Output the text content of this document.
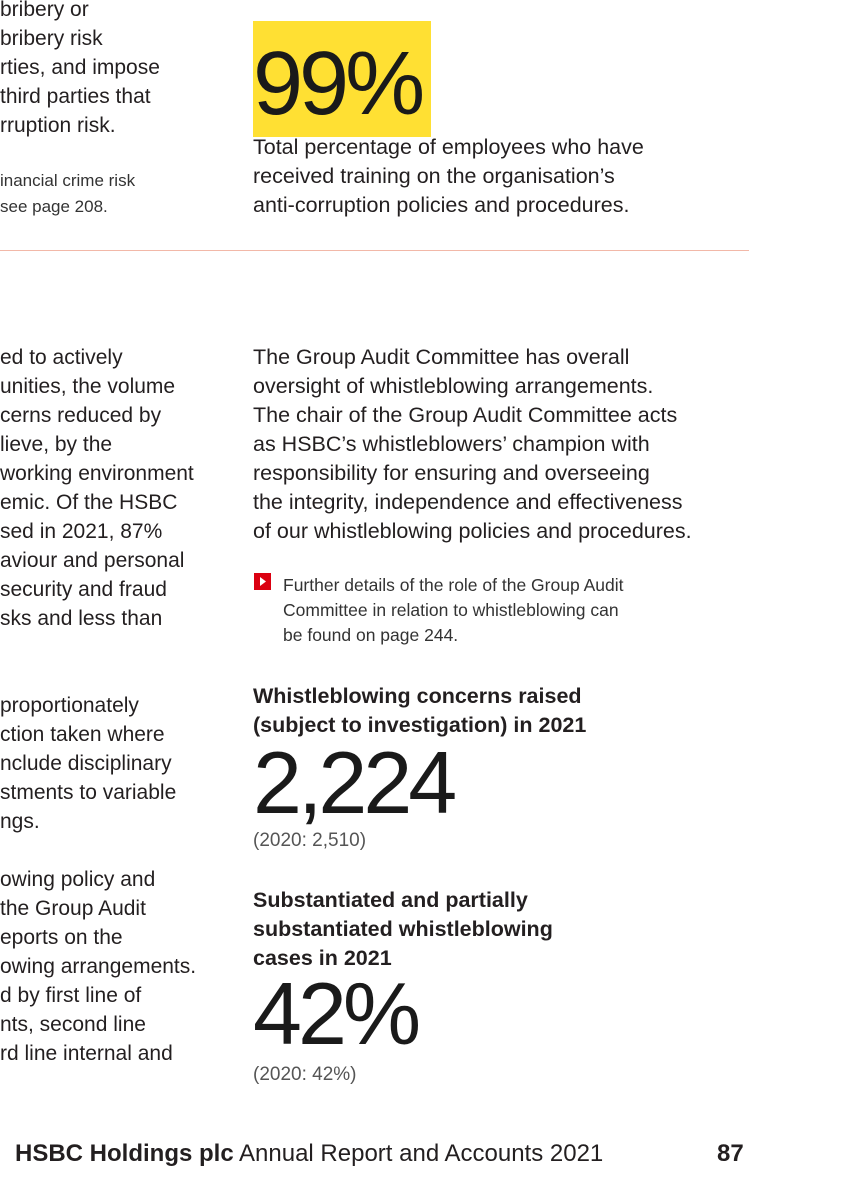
bribery or
bribery risk
rties, and impose
third parties that
rruption risk.
inancial crime risk
see page 208.
ed to actively
unities, the volume
cerns reduced by
lieve, by the
working environment
emic. Of the HSBC
sed in 2021, 87%
aviour and personal
security and fraud
sks and less than
proportionately
ction taken where
nclude disciplinary
stments to variable
ngs.
owing policy and
the Group Audit
eports on the
owing arrangements.
d by first line of
nts, second line
rd line internal and
99%
Total percentage of employees who have
received training on the organisation’s
anti-corruption policies and procedures.
The Group Audit Committee has overall
oversight of whistleblowing arrangements.
The chair of the Group Audit Committee acts
as HSBC’s whistleblowers’ champion with
responsibility for ensuring and overseeing
the integrity, independence and effectiveness
of our whistleblowing policies and procedures.
Further details of the role of the Group Audit
Committee in relation to whistleblowing can
be found on page 244.
Whistleblowing concerns raised
(subject to investigation) in 2021
2,224
(2020: 2,510)
Substantiated and partially
substantiated whistleblowing
cases in 2021
42%
(2020: 42%)
HSBC Holdings plc Annual Report and Accounts 2021	87
